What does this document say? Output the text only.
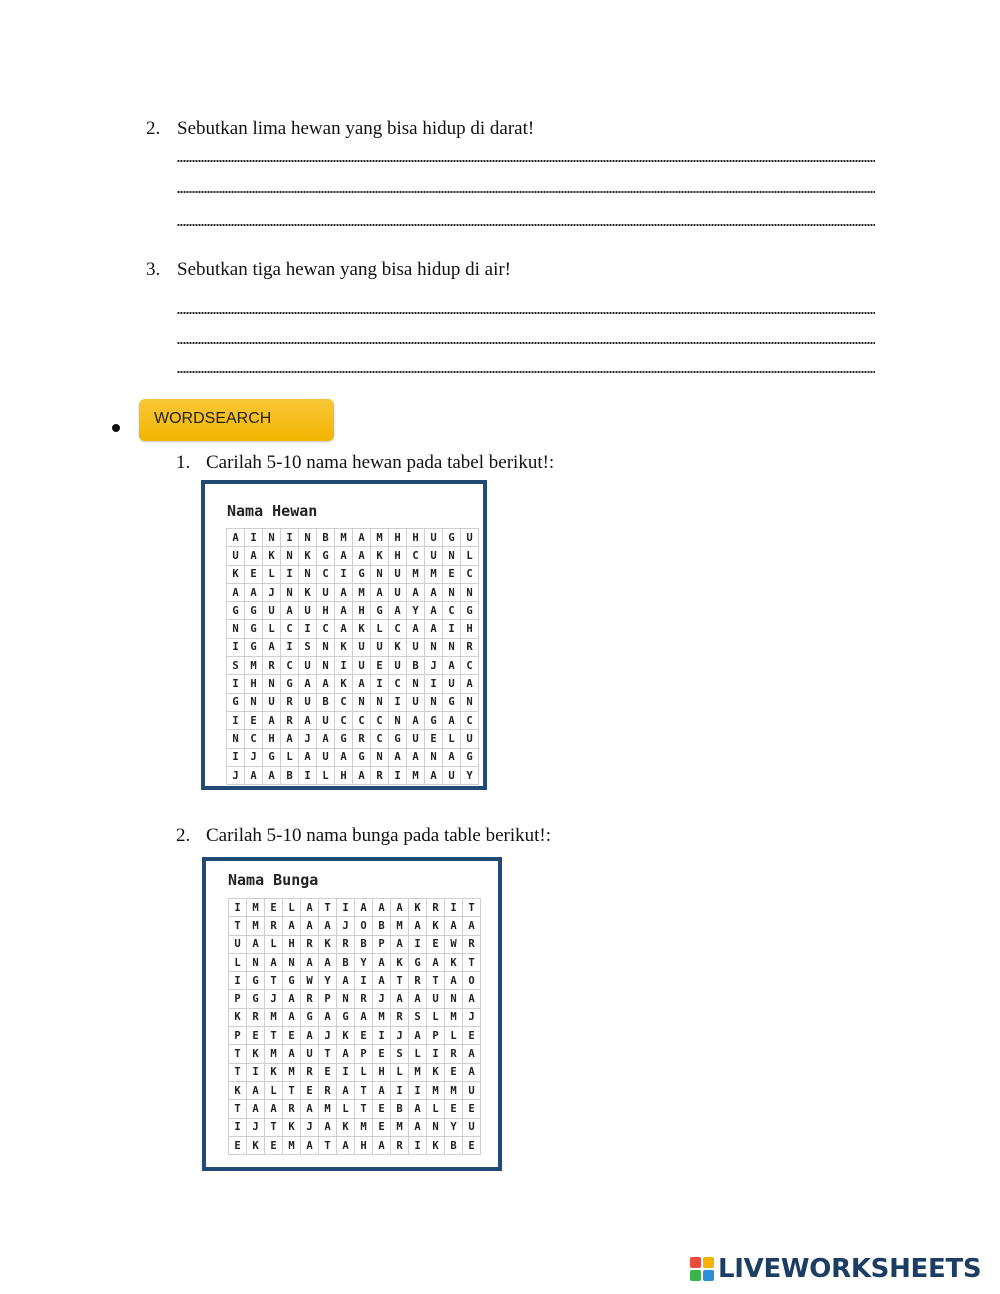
2. Sebutkan lima hewan yang bisa hidup di darat!
3. Sebutkan tiga hewan yang bisa hidup di air!
WORDSEARCH
1. Carilah 5-10 nama hewan pada tabel berikut!:
Nama Hewan
A	I	N	I	N	B	M	A	M	H	H	U	G	U
U	A	K	N	K	G	A	A	K	H	C	U	N	L
K	E	L	I	N	C	I	G	N	U	M	M	E	C
A	A	J	N	K	U	A	M	A	U	A	A	N	N
G	G	U	A	U	H	A	H	G	A	Y	A	C	G
N	G	L	C	I	C	A	K	L	C	A	A	I	H
I	G	A	I	S	N	K	U	U	K	U	N	N	R
S	M	R	C	U	N	I	U	E	U	B	J	A	C
I	H	N	G	A	A	K	A	I	C	N	I	U	A
G	N	U	R	U	B	C	N	N	I	U	N	G	N
I	E	A	R	A	U	C	C	C	N	A	G	A	C
N	C	H	A	J	A	G	R	C	G	U	E	L	U
I	J	G	L	A	U	A	G	N	A	A	N	A	G
J	A	A	B	I	L	H	A	R	I	M	A	U	Y
2. Carilah 5-10 nama bunga pada table berikut!:
Nama Bunga
I	M	E	L	A	T	I	A	A	A	K	R	I	T
T	M	R	A	A	A	J	O	B	M	A	K	A	A
U	A	L	H	R	K	R	B	P	A	I	E	W	R
L	N	A	N	A	A	B	Y	A	K	G	A	K	T
I	G	T	G	W	Y	A	I	A	T	R	T	A	O
P	G	J	A	R	P	N	R	J	A	A	U	N	A
K	R	M	A	G	A	G	A	M	R	S	L	M	J
P	E	T	E	A	J	K	E	I	J	A	P	L	E
T	K	M	A	U	T	A	P	E	S	L	I	R	A
T	I	K	M	R	E	I	L	H	L	M	K	E	A
K	A	L	T	E	R	A	T	A	I	I	M	M	U
T	A	A	R	A	M	L	T	E	B	A	L	E	E
I	J	T	K	J	A	K	M	E	M	A	N	Y	U
E	K	E	M	A	T	A	H	A	R	I	K	B	E
LIVEWORKSHEETS
